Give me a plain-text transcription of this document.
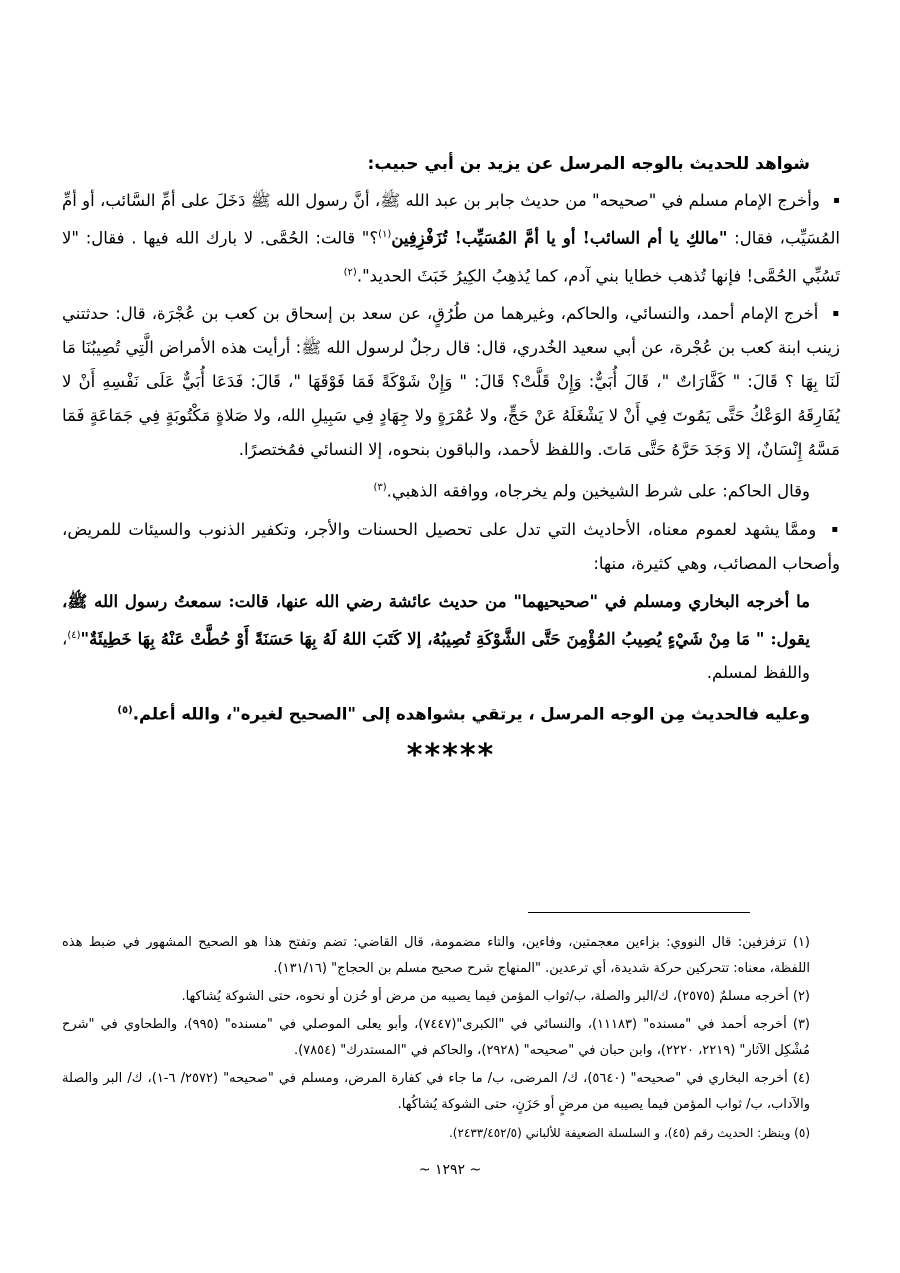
شواهد للحديث بالوجه المرسل عن يزيد بن أبي حبيب:

▪ وأخرج الإمام مسلم في "صحيحه" من حديث جابر بن عبد الله ﷺ، أنَّ رسول الله ﷺ دَخَلَ على أمِّ السَّائب، أو أمِّ المُسَيِّب، فقال: "مالكِ يا أم السائب! أو يا أمَّ المُسَيِّب! تُزَفْزِفِين$^{(١)}$؟" قالت: الحُمَّى. لا بارك الله فيها . فقال: "لا تَسُبِّي الحُمَّى! فإنها تُذهب خطايا بني آدم، كما يُذهِبُ الكِيرُ خَبَثَ الحديد".$^{(٢)}$

▪ أخرج الإمام أحمد، والنسائي، والحاكم، وغيرهما من طُرُقٍ، عن سعد بن إسحاق بن كعب بن عُجْرَة، قال: حدثتني زينب ابنة كعب بن عُجْرة، عن أبي سعيد الخُدري، قال: قال رجلٌ لرسول الله ﷺ: أرأيت هذه الأمراض الَّتِي تُصِيبُنَا مَا لَنَا بِهَا ؟ قَالَ: " كَفَّارَاتٌ "، قَالَ أُبَيٌّ: وَإِنْ قَلَّتْ؟ قَالَ: " وَإِنْ شَوْكَةً فَمَا فَوْقَهَا "، قَالَ: فَدَعَا أُبَيٌّ عَلَى نَفْسِهِ أَنْ لا يُفَارِقَهُ الوَعْكُ حَتَّى يَمُوتَ فِي أَنْ لا يَشْغَلَهُ عَنْ حَجٍّ، ولا عُمْرَةٍ ولا جِهَادٍ فِي سَبِيلِ الله، ولا صَلاةٍ مَكْتُوبَةٍ فِي جَمَاعَةٍ فَمَا مَسَّهُ إِنْسَانٌ، إلا وَجَدَ حَرَّهُ حَتَّى مَاتَ. واللفظ لأحمد، والباقون بنحوه، إلا النسائي فمُختصرًا.

وقال الحاكم: على شرط الشيخين ولم يخرجاه، ووافقه الذهبي.$^{(٣)}$

▪ وممَّا يشهد لعموم معناه، الأحاديث التي تدل على تحصيل الحسنات والأجر، وتكفير الذنوب والسيئات للمريض، وأصحاب المصائب، وهي كثيرة، منها:

ما أخرجه البخاري ومسلم في "صحيحيهما" من حديث عائشة رضي الله عنها، قالت: سمعتُ رسول الله ﷺ، يقول: " مَا مِنْ شَيْءٍ يُصِيبُ المُؤْمِنَ حَتَّى الشَّوْكَةِ تُصِيبُهُ، إلا كَتَبَ اللهُ لَهُ بِهَا حَسَنَةً أَوْ حُطَّتْ عَنْهُ بِهَا خَطِيئَةٌ"$^{(٤)}$، واللفظ لمسلم.

وعليه فالحديث مِن الوجه المرسل ، يرتقي بشواهده إلى "الصحيح لغيره"، والله أعلم.$^{(٥)}$

*****

(١) تزفزفين: قال النووي: بزاءين معجمتين، وفاءين، والتاء مضمومة، قال القاضي: تضم وتفتح هذا هو الصحيح المشهور في ضبط هذه اللفظة، معناه: تتحركين حركة شديدة، أي ترعدين. "المنهاج شرح صحيح مسلم بن الحجاج" (١٣١/١٦).

(٢) أخرجه مسلمٌ (٢٥٧٥)، ك/البر والصلة، ب/ثواب المؤمن فيما يصيبه من مرض أو حُزن أو نحوه، حتى الشوكة يُشاكها.

(٣) أخرجه أحمد في "مسنده" (١١١٨٣)، والنسائي في "الكبرى"(٧٤٤٧)، وأبو يعلى الموصلي في "مسنده" (٩٩٥)، والطحاوي في "شرح مُشْكِل الآثار" (٢٢١٩، ٢٢٢٠)، وابن حبان في "صحيحه" (٢٩٢٨)، والحاكم في "المستدرك" (٧٨٥٤).

(٤) أخرجه البخاري في "صحيحه" (٥٦٤٠)، ك/ المرضى، ب/ ما جاء في كفارة المرض، ومسلم في "صحيحه" (٢٥٧٢/ ٦-١)، ك/ البر والصلة والآداب، ب/ ثواب المؤمن فيما يصيبه من مرضٍ أو حَزَنٍ، حتى الشوكة يُشاكُها.

(٥) وينظر: الحديث رقم (٤٥)، و السلسلة الضعيفة للألباني (٢٤٣٣/٤٥٢/٥).

~ ١٢٩٢ ~
